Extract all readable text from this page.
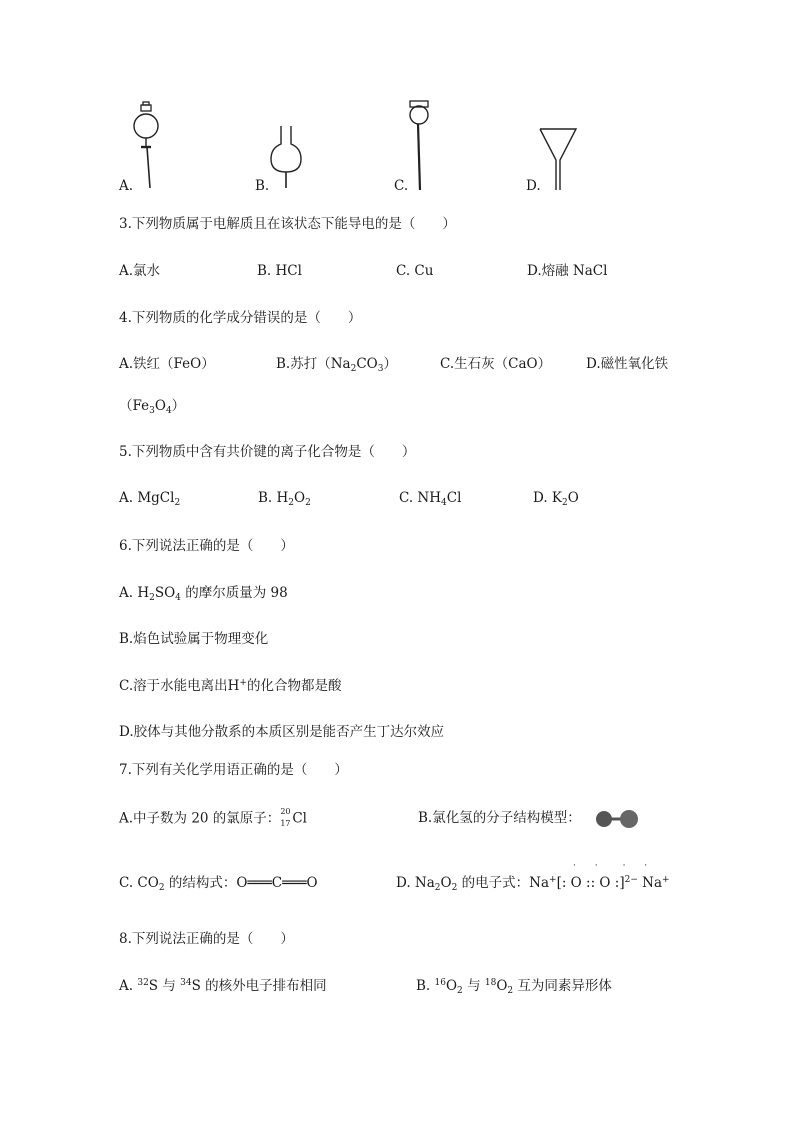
A.	B.	C.	D.
3.下列物质属于电解质且在该状态下能导电的是（　　）
A.氯水	B. HCl	C. Cu	D.熔融 NaCl
4.下列物质的化学成分错误的是（　　）
A.铁红（FeO）	B.苏打$(Na_2CO_3)$	C.生石灰（CaO）	D.磁性氧化铁
$(Fe_3O_4)$
5.下列物质中含有共价键的离子化合物是（　　）
A. MgCl$_2$	B. $H_2O_2$	C. $NH_4Cl$	D. $K_2O$
6.下列说法正确的是（　　）
A. $H_2SO_4$ 的摩尔质量为 98
B.焰色试验属于物理变化
C.溶于水能电离出H+的化合物都是酸
D.胶体与其他分散系的本质区别是能否产生丁达尔效应
7.下列有关化学用语正确的是（　　）
A.中子数为 20 的氯原子： 20
17 Cl	B.氯化氢的分子结构模型：
C. $CO_2$ 的结构式：O═══C═══O	D. $Na_2O_2$ 的电子式：Na+[: O :: O :]$^{2-}$ Na+
· ·　· ·
8.下列说法正确的是（　　）
A. $^{32}$S 与 $^{34}$S 的核外电子排布相同	B. $^{16}O_2$ 与 $^{18}O_2$ 互为同素异形体
